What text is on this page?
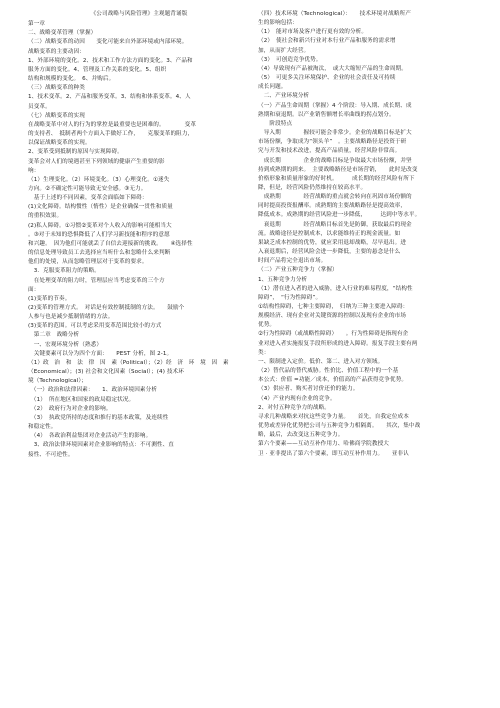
《公司战略与风险管理》主观题背诵版
第一章
二、战略变革管理（掌握）
（二）战略变革的动因　　变化可能来自外部环境或内部环境。
战略变革的主要动因：
1、外部环境的变化。2、技术和工作方法方面的变化。3、产品和
服务方面的变化。4、管理及工作关系的变化。5、组织
结构和规模的变化。　6、并购后。
（三）战略变革的种类
1、技术变革。2、产品和服务变革。3、结构和体系变革。4、人
员变革。
（七）战略变革的实现
在战略变革中对人的行为的掌控是最重要也是困难的。　　　　变革
的支持者、　抵制者两个方面入手做好工作，　　克服变革的阻力，
以保证战略变革的实现。
2、变革受到抵制的原因与实现障碍。
变革会对人们的境遇甚至下列领域的健康产生重要的影
响：
（1）生理变化。（2）环境变化。（3）心理变化。①迷失
方向。②不确定性可能导致无安全感。③无力。
　基于上述的不同因素，变革会面临如下障碍：
(1)文化障碍。结构惯性（惰性）是企业确保一贯性和质量
的重积效果。
(2)私人障碍。①习惯②变革对个人收入的影响可能相当大
。③对于未知的恐惧降低了人们学习新技能和程序的意愿
和兴趣。　因为他们可能就丢了自信去迎接新的挑战。　　④选择性
的信息处理导致员工去选择应当听什么和忽略什么来判断
他们的处境，从而忽略管理层对于变革的要求。
　3．克服变革阻力的策略。
　在处理变革的阻力时，管理层应当考虑变革的三个方
面：
(1)变革的节奏。
(2)变革的管理方式。　对话是有效控制抵制的方法。　　鼓励个
人参与也是减少抵制情绪的方法。
(3)变革的范围。可以考虑采用变革范围比较小的方式
　第二章　战略分析
　一、宏观环境分析（熟悉）
　关键要素可以分为四个方面：　　PEST 分析，图 2-1。
（1）政　治　和　法　律　因　素（Political）；（2）经　济　环　境　因　素
（Economical）；(3) 社会和文化因素（Social）；(4) 技术环
境（Technological）；
　（一）政治和法律因素：　　1、政治环境因素分析
　（1）　所在地区和国家的政局稳定状况。
　（2）　政府行为对企业的影响。
　（3）　执政党所持的态度和推行的基本政策，及连续性
和稳定性。
　（4）　各政治利益集团对企业活动产生的影响。
　3、政治法律环境因素对企业影响的特点：不可测性、直
接性、不可逆性。
（四）技术环境（Technological）：　　技术环境对战略所产
生的影响包括：
（1）　能对市场及客户进行更有效的分析。
（2）　使社会和新兴行业对本行业产品和服务的需求增
加，从而扩大经营。
（3）　可创造竞争优势。
（4）导致现有产品被淘汰，　或大大缩短产品的生命周期。
（5）　可更多关注环境保护、企业的社会责任及可持续
成长问题。
　二、产业环境分析
（一）产品生命周期（掌握）4 个阶段：导入期、成长期、成
熟期和衰退期。以产业销售额增长率曲线的拐点划分。
　　阶段特点
　导入期　　　　握较可能会非常少。企业的战略目标是扩大
市场份额，争取成为“领头羊”　。主要战略路径是投资于研
究与开发和技术改进，提高产品质量，经营风险非常高。
　成长期　　　　企业的战略目标是争取最大市场份额，并坚
持到成熟期的到来。　主要战略路径是市场营销，　　此时是改变
价格形象和质量形象的好时机。　　　成长期的经营风险有所下
降，但是，经营风险仍然维持在较高水平。
　成熟期　　　　经营战略的重点就会转向在巩固市场份额的
同时提高投资报酬率。成熟期的主要战略路径是提高效率，
降低成本。成熟期的经营风险进一步降低，　　　达到中等水平。
　衰退期　　　　经营战略目标首先是防御，获取最后的现金
流。战略途径是控制成本，以求能维持正的现金流量。如
果缺乏成本控制的优势，就应采用退却战略，尽早退出。进
入衰退期后，经营风险会进一步降低，主要的悬念是什么
时间产品将完全退出市场。
（二）产业五种竞争力（掌握）
1、五种竞争力分析
（1）潜在进入者的进入威胁，进入行业的难易程度，“结构性
障碍”，　“行为性障碍”。
①结构性障碍，七种主要障碍，　归纳为三种主要进入障碍：
规模经济、现有企业对关键资源的控制以及现有企业的市场
优势。
②行为性障碍（或战略性障碍）　　。行为性障碍是指现有企
业对进入者实施报复手段所形成的进入障碍。报复手段主要有两
类：
一、限制进入定价。低价、第二、进入对方领域。
（2）替代品的替代威胁。性价比、价值工程中的一个基
本公式：价值 =功能／成本，价值高的产品获得竞争优势。
（3）供应者、购买者讨价还价的能力。
（4）产业内现有企业的竞争。
2、对付五种竞争力的战略。
寻求几种战略来对抗这些竞争力量。　　首先，自我定位成本
优势或差异化优势把公司与五种竞争力相隔离。　　其次，集中战
略，最后，去改变这五种竞争力。
第六个要素——互动互补作用力、哈佛商学院教授大
卫 · 亚非提出了第六个要素，即互动互补作用力。　　亚非认
